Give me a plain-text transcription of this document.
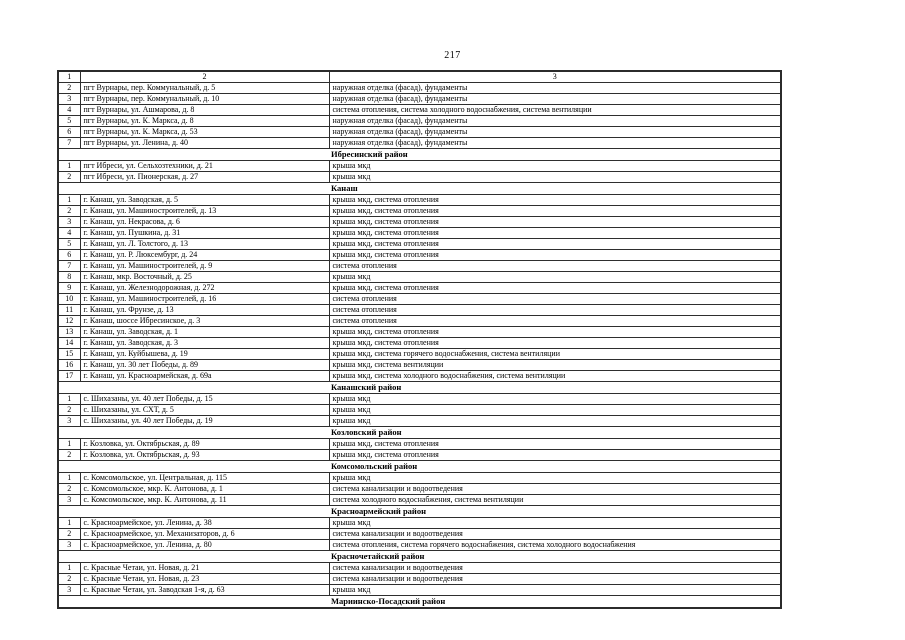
217
1	2	3
2	пгт Вурнары, пер. Коммунальный, д. 5	наружная отделка (фасад), фундаменты
3	пгт Вурнары, пер. Коммунальный, д. 10	наружная отделка (фасад), фундаменты
4	пгт Вурнары, ул. Ашмарова, д. 8	система отопления, система холодного водоснабжения, система вентиляции
5	пгт Вурнары, ул. К. Маркса, д. 8	наружная отделка (фасад), фундаменты
6	пгт Вурнары, ул. К. Маркса, д. 53	наружная отделка (фасад), фундаменты
7	пгт Вурнары, ул. Ленина, д. 40	наружная отделка (фасад), фундаменты
Ибресинский район		
1	пгт Ибреси, ул. Сельхозтехники, д. 21	крыша мкд
2	пгт Ибреси, ул. Пионерская, д. 27	крыша мкд
Канаш		
1	г. Канаш, ул. Заводская, д. 5	крыша мкд, система отопления
2	г. Канаш, ул. Машиностроителей, д. 13	крыша мкд, система отопления
3	г. Канаш, ул. Некрасова, д. 6	крыша мкд, система отопления
4	г. Канаш, ул. Пушкина, д. 31	крыша мкд, система отопления
5	г. Канаш, ул. Л. Толстого, д. 13	крыша мкд, система отопления
6	г. Канаш, ул. Р. Люксембург, д. 24	крыша мкд, система отопления
7	г. Канаш, ул. Машиностроителей, д. 9	система отопления
8	г. Канаш, мкр. Восточный, д. 25	крыша мкд
9	г. Канаш, ул. Железнодорожная, д. 272	крыша мкд, система отопления
10	г. Канаш, ул. Машиностроителей, д. 16	система отопления
11	г. Канаш, ул. Фрунзе, д. 13	система отопления
12	г. Канаш, шоссе Ибресинское, д. 3	система отопления
13	г. Канаш, ул. Заводская, д. 1	крыша мкд, система отопления
14	г. Канаш, ул. Заводская, д. 3	крыша мкд, система отопления
15	г. Канаш, ул. Куйбышева, д. 19	крыша мкд, система горячего водоснабжения, система вентиляции
16	г. Канаш, ул. 30 лет Победы, д. 89	крыша мкд, система вентиляции
17	г. Канаш, ул. Красноармейская, д. 69а	крыша мкд, система холодного водоснабжения, система вентиляции
Канашский район		
1	с. Шихазаны, ул. 40 лет Победы, д. 15	крыша мкд
2	с. Шихазаны, ул. СХТ, д. 5	крыша мкд
3	с. Шихазаны, ул. 40 лет Победы, д. 19	крыша мкд
Козловский район		
1	г. Козловка, ул. Октябрьская, д. 89	крыша мкд, система отопления
2	г. Козловка, ул. Октябрьская, д. 93	крыша мкд, система отопления
Комсомольский район		
1	с. Комсомольское, ул. Центральная, д. 115	крыша мкд
2	с. Комсомольское, мкр. К. Антонова, д. 1	система канализации и водоотведения
3	с. Комсомольское, мкр. К. Антонова, д. 11	система холодного водоснабжения, система вентиляции
Красноармейский район		
1	с. Красноармейское, ул. Ленина, д. 38	крыша мкд
2	с. Красноармейское, ул. Механизаторов, д. 6	система канализации и водоотведения
3	с. Красноармейское, ул. Ленина, д. 80	система отопления, система горячего водоснабжения, система холодного водоснабжения
Красночетайский район		
1	с. Красные Четаи, ул. Новая, д. 21	система канализации и водоотведения
2	с. Красные Четаи, ул. Новая, д. 23	система канализации и водоотведения
3	с. Красные Четаи, ул. Заводская 1-я, д. 63	крыша мкд
Мариинско-Посадский район		
